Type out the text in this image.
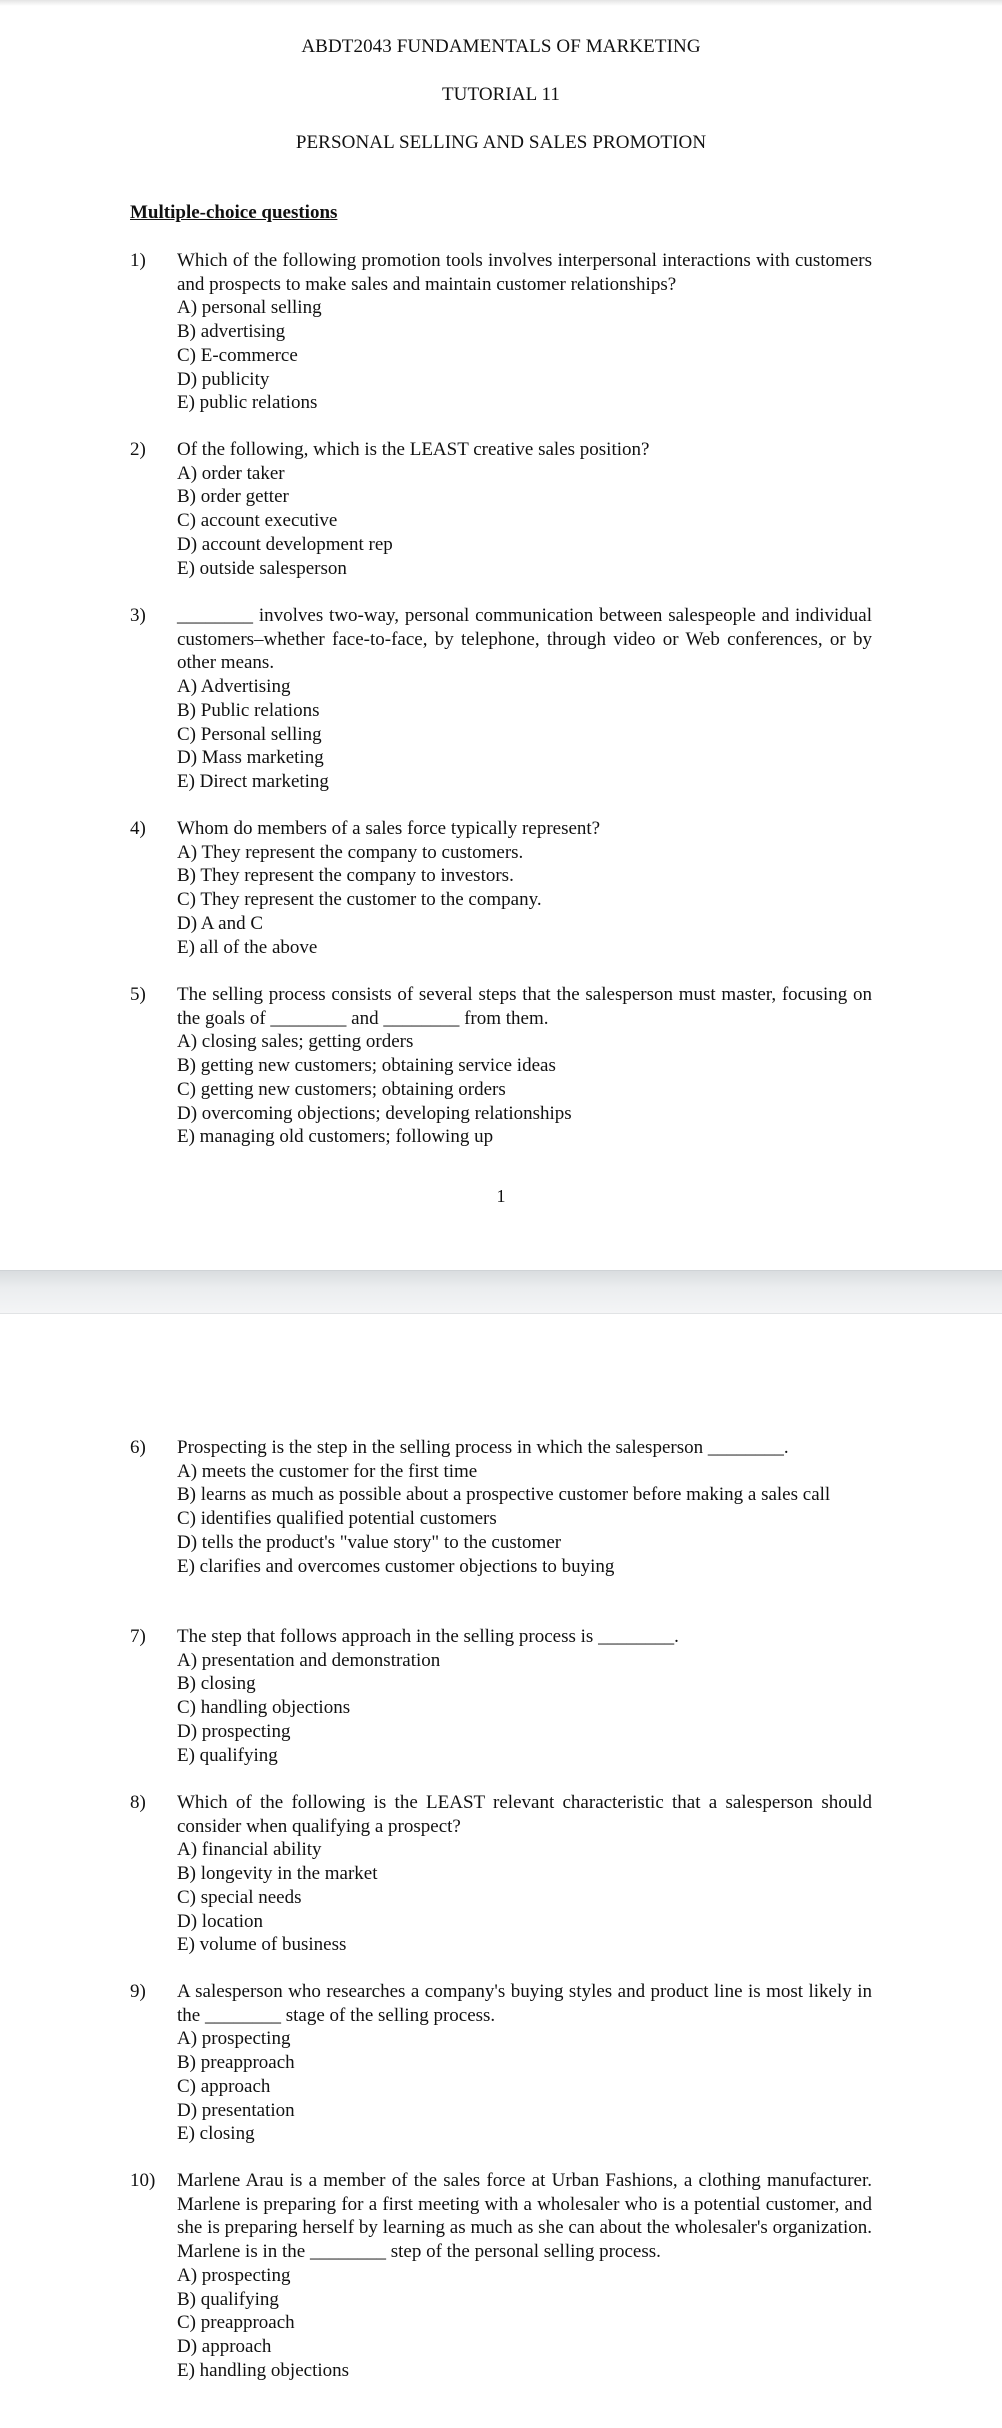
ABDT2043 FUNDAMENTALS OF MARKETING
TUTORIAL 11
PERSONAL SELLING AND SALES PROMOTION
Multiple-choice questions
1)	Which of the following promotion tools involves interpersonal interactions with customers and prospects to make sales and maintain customer relationships?
A) personal selling
B) advertising
C) E-commerce
D) publicity
E) public relations
2)	Of the following, which is the LEAST creative sales position?
A) order taker
B) order getter
C) account executive
D) account development rep
E) outside salesperson
3)	________ involves two-way, personal communication between salespeople and individual customers–whether face-to-face, by telephone, through video or Web conferences, or by other means.
A) Advertising
B) Public relations
C) Personal selling
D) Mass marketing
E) Direct marketing
4)	Whom do members of a sales force typically represent?
A) They represent the company to customers.
B) They represent the company to investors.
C) They represent the customer to the company.
D) A and C
E) all of the above
5)	The selling process consists of several steps that the salesperson must master, focusing on the goals of ________ and ________ from them.
A) closing sales; getting orders
B) getting new customers; obtaining service ideas
C) getting new customers; obtaining orders
D) overcoming objections; developing relationships
E) managing old customers; following up
1
6)	Prospecting is the step in the selling process in which the salesperson ________.
A) meets the customer for the first time
B) learns as much as possible about a prospective customer before making a sales call
C) identifies qualified potential customers
D) tells the product's "value story" to the customer
E) clarifies and overcomes customer objections to buying
7)	The step that follows approach in the selling process is ________.
A) presentation and demonstration
B) closing
C) handling objections
D) prospecting
E) qualifying
8)	Which of the following is the LEAST relevant characteristic that a salesperson should consider when qualifying a prospect?
A) financial ability
B) longevity in the market
C) special needs
D) location
E) volume of business
9)	A salesperson who researches a company's buying styles and product line is most likely in the ________ stage of the selling process.
A) prospecting
B) preapproach
C) approach
D) presentation
E) closing
10)	Marlene Arau is a member of the sales force at Urban Fashions, a clothing manufacturer. Marlene is preparing for a first meeting with a wholesaler who is a potential customer, and she is preparing herself by learning as much as she can about the wholesaler's organization. Marlene is in the ________ step of the personal selling process.
A) prospecting
B) qualifying
C) preapproach
D) approach
E) handling objections
